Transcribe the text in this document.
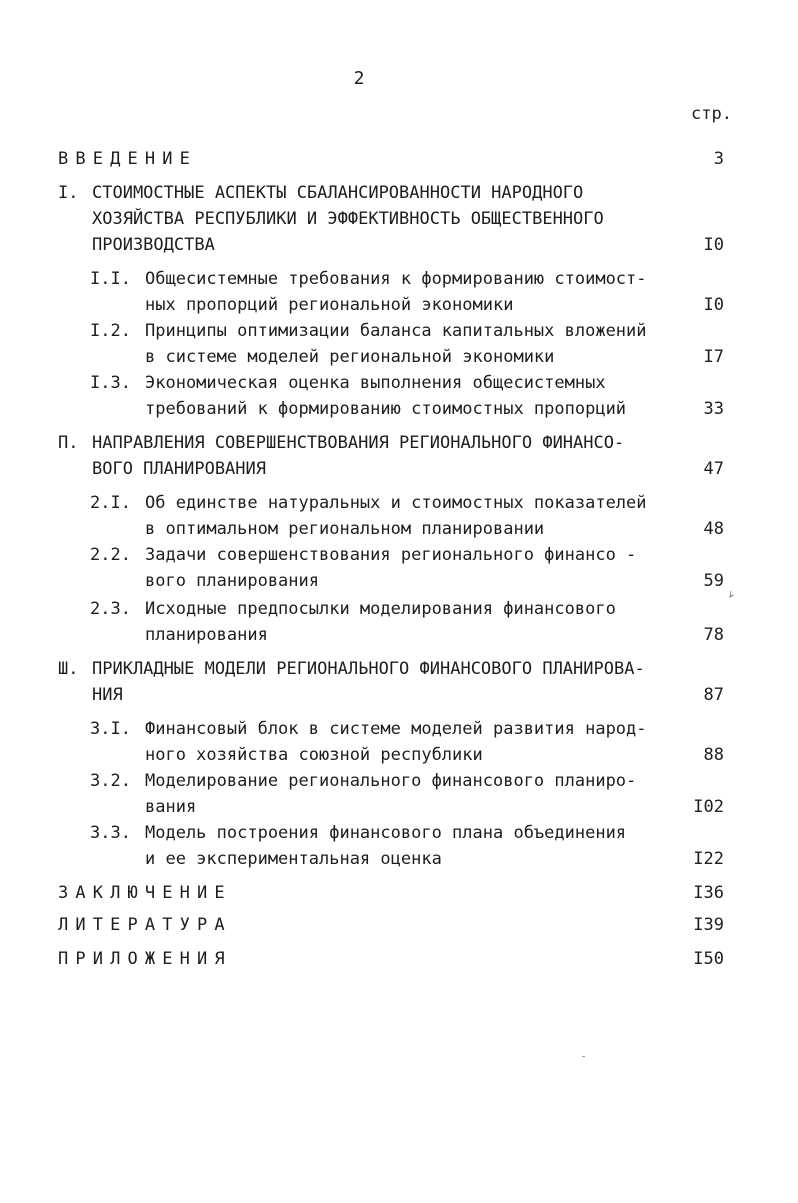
2
стр.
ВВЕДЕНИЕ	3
I. СТОИМОСТНЫЕ АСПЕКТЫ СБАЛАНСИРОВАННОСТИ НАРОДНОГО
ХОЗЯЙСТВА РЕСПУБЛИКИ И ЭФФЕКТИВНОСТЬ ОБЩЕСТВЕННОГО
ПРОИЗВОДСТВА	I0
I.I. Общесистемные требования к формированию стоимост-
ных пропорций региональной экономики	I0
I.2. Принципы оптимизации баланса капитальных вложений
в системе моделей региональной экономики	I7
I.3. Экономическая оценка выполнения общесистемных
требований к формированию стоимостных пропорций	33
П. НАПРАВЛЕНИЯ СОВЕРШЕНСТВОВАНИЯ РЕГИОНАЛЬНОГО ФИНАНСО-
ВОГО ПЛАНИРОВАНИЯ	47
2.I. Об единстве натуральных и стоимостных показателей
в оптимальном региональном планировании	48
2.2. Задачи совершенствования регионального финансо -
вого планирования	59
2.3. Исходные предпосылки моделирования финансового
планирования	78
Ш. ПРИКЛАДНЫЕ МОДЕЛИ РЕГИОНАЛЬНОГО ФИНАНСОВОГО ПЛАНИРОВА-
НИЯ	87
3.I. Финансовый блок в системе моделей развития народ-
ного хозяйства союзной республики	88
3.2. Моделирование регионального финансового планиро-
вания	I02
3.3. Модель построения финансового плана объединения
и ее экспериментальная оценка	I22
ЗАКЛЮЧЕНИЕ	I36
ЛИТЕРАТУРА	I39
ПРИЛОЖЕНИЯ	I50
∠
